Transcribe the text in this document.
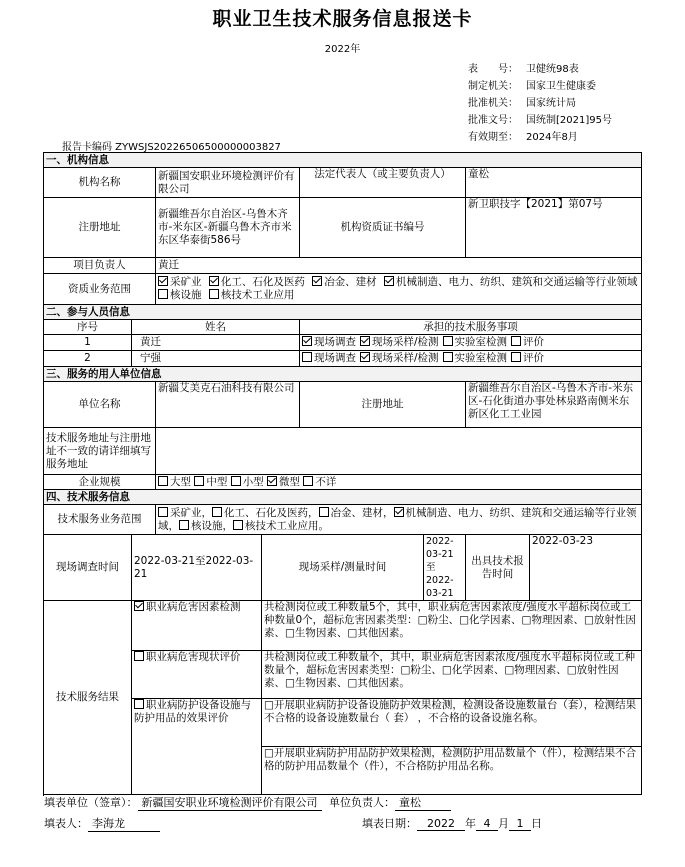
职业卫生技术服务信息报送卡
2022年
表　　号： 卫健统98表
制定机关： 国家卫生健康委
批准机关： 国家统计局
批准文号： 国统制[2021]95号
有效期至： 2024年8月
报告卡编码 ZYWSJS20226506500000003827
一、机构信息							
机构名称		新疆国安职业环境检测评价有限公司		法定代表人（或主要负责人）		童松	
注册地址		新疆维吾尔自治区-乌鲁木齐市-米东区-新疆乌鲁木齐市米东区华泰街586号		机构资质证书编号		新卫职技字【2021】第07号	
项目负责人		黄迁					
资质业务范围		采矿业 化工、石化及医药 冶金、建材 机械制造、电力、纺织、建筑和交通运输等行业领域 核设施 核技术工业应用					
二、参与人员信息							
序号	姓名			承担的技术服务事项			
1	黄迁			现场调查 现场采样/检测 实验室检测 评价			
2	宁强			现场调查 现场采样/检测 实验室检测 评价			
三、服务的用人单位信息							
单位名称		新疆艾美克石油科技有限公司		注册地址		新疆维吾尔自治区-乌鲁木齐市-米东区-石化街道办事处林泉路南侧米东新区化工工业园	
技术服务地址与注册地址不一致的请详细填写服务地址							
企业规模		大型 中型 小型 微型 不详					
四、技术服务信息							
技术服务业务范围		采矿业， 化工、石化及医药， 冶金、建材， 机械制造、电力、纺织、建筑和交通运输等行业领域， 核设施， 核技术工业应用。					
现场调查时间	2022-03-21至2022-03-21		现场采样/测量时间		2022-03-21至2022-03-21	出具技术报告时间	2022-03-23
技术服务结果	职业病危害因素检测		共检测岗位或工种数量5个，其中，职业病危害因素浓度/强度水平超标岗位或工种数量0个，超标危害因素类型：□粉尘、□化学因素、□物理因素、□放射性因素、□生物因素、□其他因素。				
	职业病危害现状评价		共检测岗位或工种数量个，其中，职业病危害因素浓度/强度水平超标岗位或工种数量个，超标危害因素类型：□粉尘、□化学因素、□物理因素、□放射性因素、□生物因素、□其他因素。				
	职业病防护设备设施与防护用品的效果评价		□开展职业病防护设备设施防护效果检测，检测设备设施数量台（套），检测结果不合格的设备设施数量台（ 套） ，不合格的设备设施名称。				
			□开展职业病防护用品防护效果检测，检测防护用品数量个（件），检测结果不合格的防护用品数量个（件），不合格防护用品名称。				

填表单位（签章）： 新疆国安职业环境检测评价有限公司 单位负责人： 童松
填表人： 李海龙	填表日期： 2022 年 4 月 1 日
